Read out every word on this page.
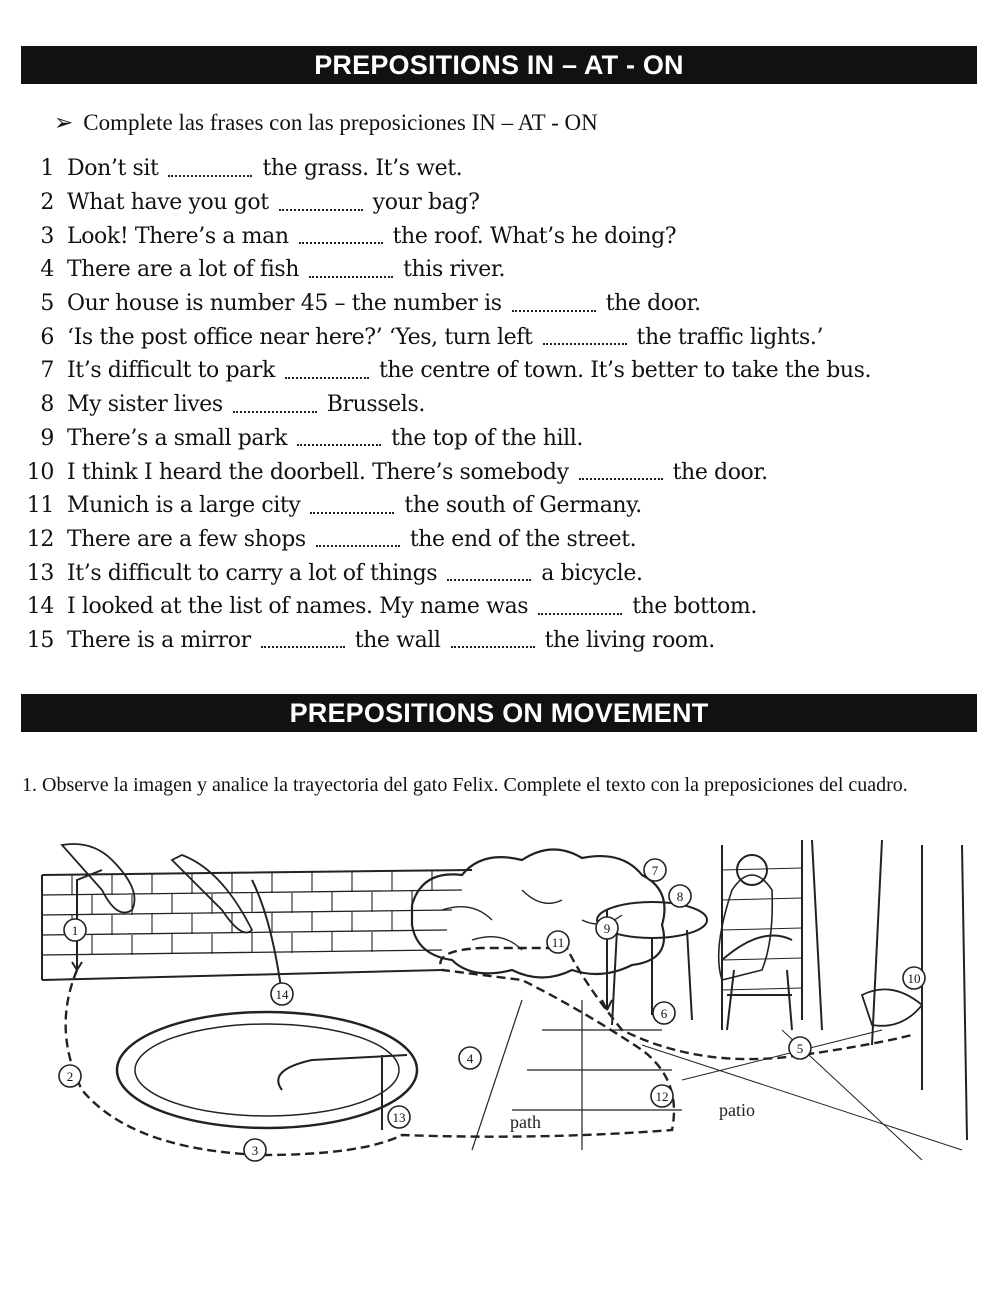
PREPOSITIONS IN – AT - ON
➢ Complete las frases con las preposiciones IN – AT - ON
1 Don’t sit	the grass. It’s wet.
2 What have you got	your bag?
3 Look! There’s a man	the roof. What’s he doing?
4 There are a lot of fish	this river.
5 Our house is number 45 – the number is	the door.
6 ‘Is the post office near here?’ ‘Yes, turn left	the traffic lights.’
7 It’s difficult to park	the centre of town. It’s better to take the bus.
8 My sister lives	Brussels.
9 There’s a small park	the top of the hill.
10 I think I heard the doorbell. There’s somebody	the door.
11 Munich is a large city	the south of Germany.
12 There are a few shops	the end of the street.
13 It’s difficult to carry a lot of things	a bicycle.
14 I looked at the list of names. My name was	the bottom.
15 There is a mirror	the wall	the living room.
PREPOSITIONS ON MOVEMENT
1. Observe la imagen y analice la trayectoria del gato Felix. Complete el texto con la preposiciones del cuadro.
path
patio
1
2
3
4
5
6
7
8
9
10
11
12
13
14
